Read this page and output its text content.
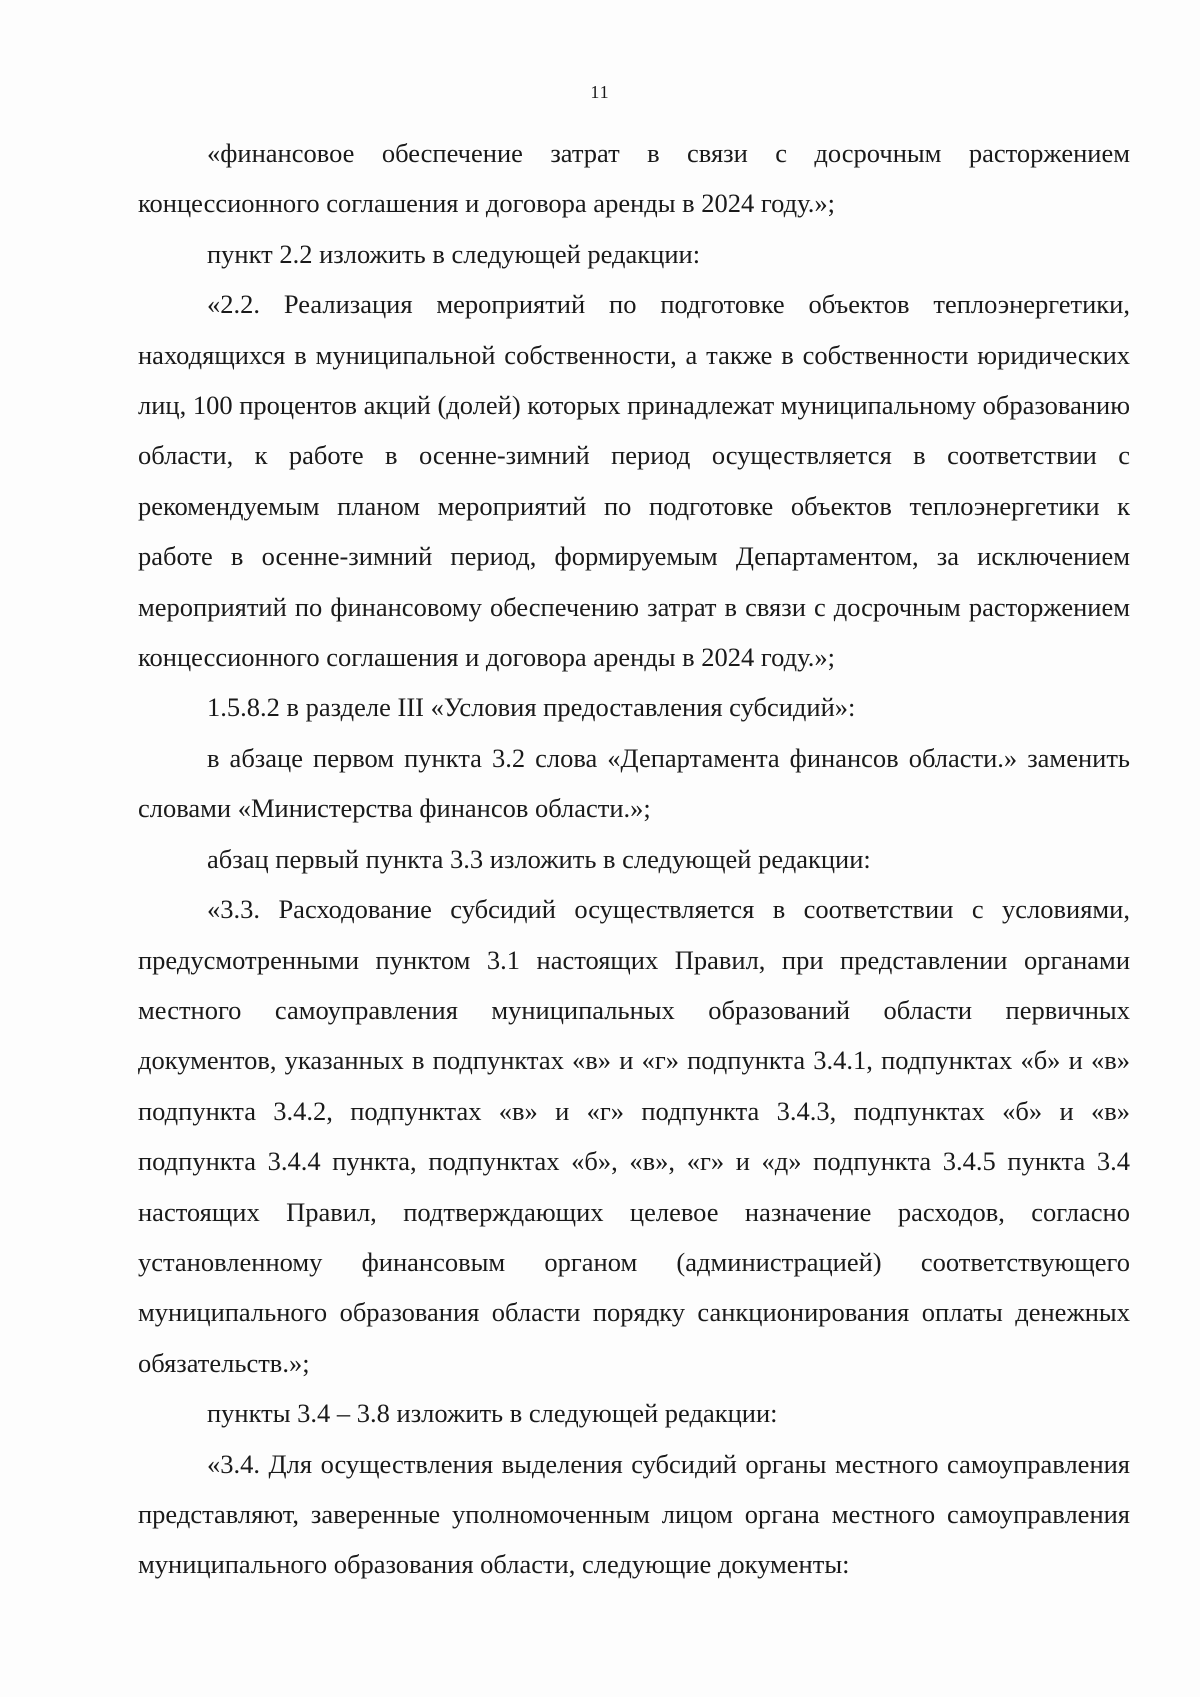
11

«финансовое обеспечение затрат в связи с досрочным расторжением концессионного соглашения и договора аренды в 2024 году.»;

пункт 2.2 изложить в следующей редакции:

«2.2. Реализация мероприятий по подготовке объектов теплоэнергетики, находящихся в муниципальной собственности, а также в собственности юридических лиц, 100 процентов акций (долей) которых принадлежат муниципальному образованию области, к работе в осенне-зимний период осуществляется в соответствии с рекомендуемым планом мероприятий по подготовке объектов теплоэнергетики к работе в осенне-зимний период, формируемым Департаментом, за исключением мероприятий по финансовому обеспечению затрат в связи с досрочным расторжением концессионного соглашения и договора аренды в 2024 году.»;

1.5.8.2 в разделе III «Условия предоставления субсидий»:

в абзаце первом пункта 3.2 слова «Департамента финансов области.» заменить словами «Министерства финансов области.»;

абзац первый пункта 3.3 изложить в следующей редакции:

«3.3. Расходование субсидий осуществляется в соответствии с условиями, предусмотренными пунктом 3.1 настоящих Правил, при представлении органами местного самоуправления муниципальных образований области первичных документов, указанных в подпунктах «в» и «г» подпункта 3.4.1, подпунктах «б» и «в» подпункта 3.4.2, подпунктах «в» и «г» подпункта 3.4.3, подпунктах «б» и «в» подпункта 3.4.4 пункта, подпунктах «б», «в», «г» и «д» подпункта 3.4.5 пункта 3.4 настоящих Правил, подтверждающих целевое назначение расходов, согласно установленному финансовым органом (администрацией) соответствующего муниципального образования области порядку санкционирования оплаты денежных обязательств.»;

пункты 3.4 – 3.8 изложить в следующей редакции:

«3.4. Для осуществления выделения субсидий органы местного самоуправления представляют, заверенные уполномоченным лицом органа местного самоуправления муниципального образования области, следующие документы:
